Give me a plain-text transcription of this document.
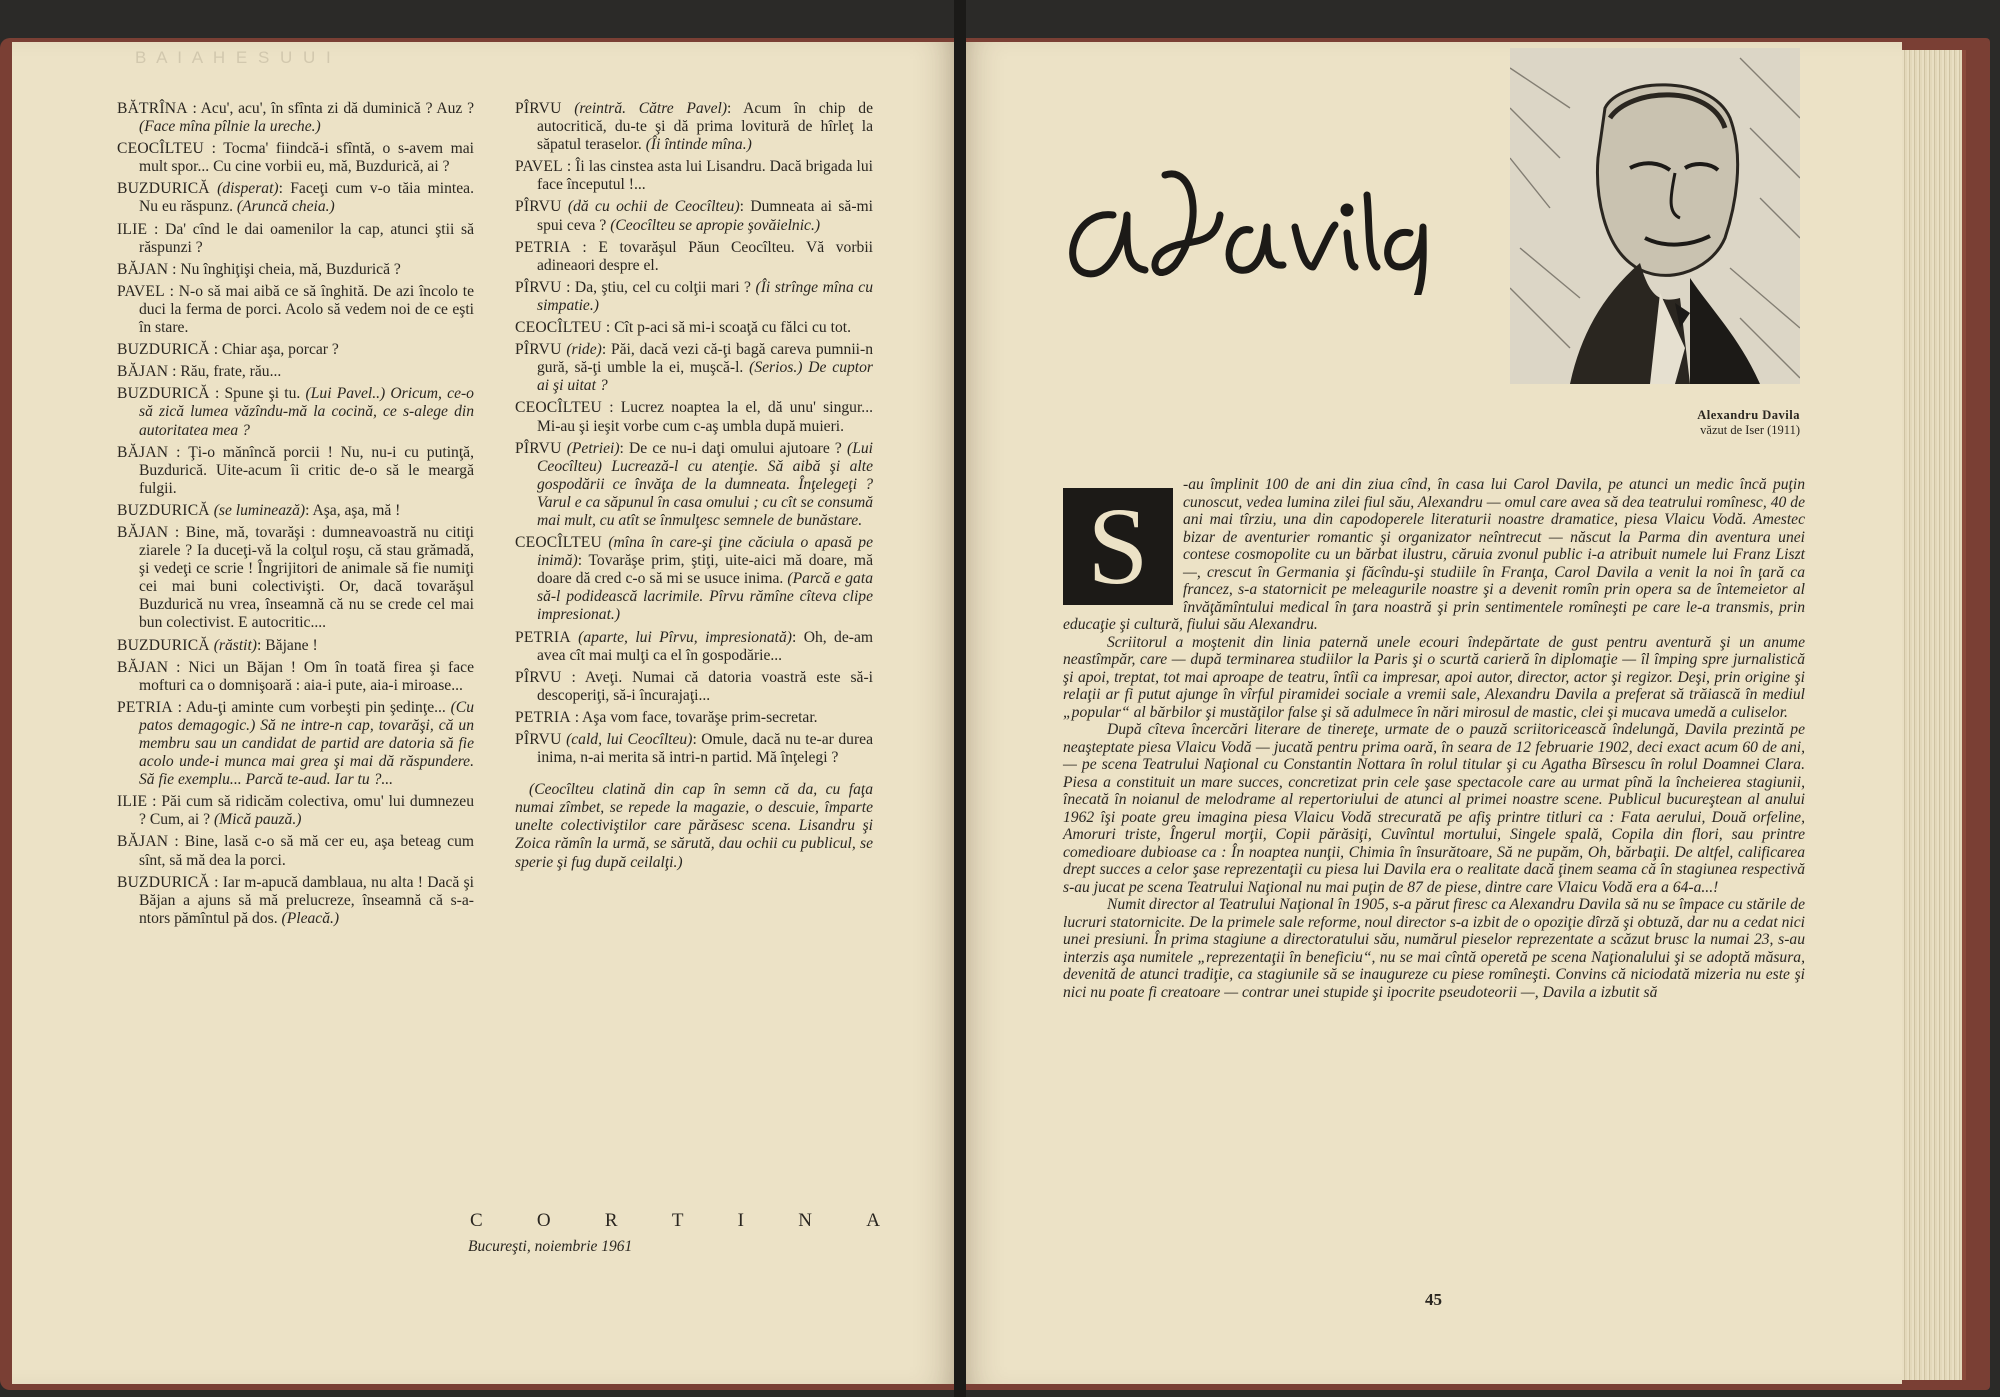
B A I A H E S U U I
BĂTRÎNA : Acu', acu', în sfînta zi dă duminică ? Auz ? (Face mîna pîlnie la ureche.)
CEOCÎLTEU : Tocma' fiindcă-i sfîntă, o s-avem mai mult spor... Cu cine vorbii eu, mă, Buzdurică, ai ?
BUZDURICĂ (disperat): Faceţi cum v-o tăia mintea. Nu eu răspunz. (Aruncă cheia.)
ILIE : Da' cînd le dai oamenilor la cap, atunci ştii să răspunzi ?
BĂJAN : Nu înghiţişi cheia, mă, Buzdurică ?
PAVEL : N-o să mai aibă ce să înghită. De azi încolo te duci la ferma de porci. Acolo să vedem noi de ce eşti în stare.
BUZDURICĂ : Chiar aşa, porcar ?
BĂJAN : Rău, frate, rău...
BUZDURICĂ : Spune şi tu. (Lui Pavel..) Oricum, ce-o să zică lumea văzîndu-mă la cocină, ce s-alege din autoritatea mea ?
BĂJAN : Ţi-o mănîncă porcii ! Nu, nu-i cu putinţă, Buzdurică. Uite-acum îi critic de-o să le meargă fulgii.
BUZDURICĂ (se luminează): Aşa, aşa, mă !
BĂJAN : Bine, mă, tovarăşi : dumneavoastră nu citiţi ziarele ? Ia duceţi-vă la colţul roşu, că stau grămadă, şi vedeţi ce scrie ! Îngrijitori de animale să fie numiţi cei mai buni colectivişti. Or, dacă tovarăşul Buzdurică nu vrea, înseamnă că nu se crede cel mai bun colectivist. E autocritic....
BUZDURICĂ (răstit): Băjane !
BĂJAN : Nici un Băjan ! Om în toată firea şi face mofturi ca o domnişoară : aia-i pute, aia-i miroase...
PETRIA : Adu-ţi aminte cum vorbeşti pin şedinţe... (Cu patos demagogic.) Să ne intre-n cap, tovarăşi, că un membru sau un candidat de partid are datoria să fie acolo unde-i munca mai grea şi mai dă răspundere. Să fie exemplu... Parcă te-aud. Iar tu ?...
ILIE : Păi cum să ridicăm colectiva, omu' lui dumnezeu ? Cum, ai ? (Mică pauză.)
BĂJAN : Bine, lasă c-o să mă cer eu, aşa beteag cum sînt, să mă dea la porci.
BUZDURICĂ : Iar m-apucă damblaua, nu alta ! Dacă şi Băjan a ajuns să mă prelucreze, înseamnă că s-a-ntors pămîntul pă dos. (Pleacă.)
PÎRVU (reintră. Către Pavel): Acum în chip de autocritică, du-te şi dă prima lovitură de hîrleţ la săpatul teraselor. (Îi întinde mîna.)
PAVEL : Îi las cinstea asta lui Lisandru. Dacă brigada lui face începutul !...
PÎRVU (dă cu ochii de Ceocîlteu): Dumneata ai să-mi spui ceva ? (Ceocîlteu se apropie şovăielnic.)
PETRIA : E tovarăşul Păun Ceocîlteu. Vă vorbii adineaori despre el.
PÎRVU : Da, ştiu, cel cu colţii mari ? (Îi strînge mîna cu simpatie.)
CEOCÎLTEU : Cît p-aci să mi-i scoaţă cu fălci cu tot.
PÎRVU (ride): Păi, dacă vezi că-ţi bagă careva pumnii-n gură, să-ţi umble la ei, muşcă-l. (Serios.) De cuptor ai şi uitat ?
CEOCÎLTEU : Lucrez noaptea la el, dă unu' singur... Mi-au şi ieşit vorbe cum c-aş umbla după muieri.
PÎRVU (Petriei): De ce nu-i daţi omului ajutoare ? (Lui Ceocîlteu) Lucrează-l cu atenţie. Să aibă şi alte gospodării ce învăţa de la dumneata. Înţelegeţi ? Varul e ca săpunul în casa omului ; cu cît se consumă mai mult, cu atît se înmulţesc semnele de bunăstare.
CEOCÎLTEU (mîna în care-şi ţine căciula o apasă pe inimă): Tovarăşe prim, ştiţi, uite-aici mă doare, mă doare dă cred c-o să mi se usuce inima. (Parcă e gata să-l podidească lacrimile. Pîrvu rămîne cîteva clipe impresionat.)
PETRIA (aparte, lui Pîrvu, impresionată): Oh, de-am avea cît mai mulţi ca el în gospodărie...
PÎRVU : Aveţi. Numai că datoria voastră este să-i descoperiţi, să-i încurajaţi...
PETRIA : Aşa vom face, tovarăşe prim-secretar.
PÎRVU (cald, lui Ceocîlteu): Omule, dacă nu te-ar durea inima, n-ai merita să intri-n partid. Mă înţelegi ?
(Ceocîlteu clatină din cap în semn că da, cu faţa numai zîmbet, se repede la magazie, o descuie, împarte unelte colectiviştilor care părăsesc scena. Lisandru şi Zoica rămîn la urmă, se sărută, dau ochii cu publicul, se sperie şi fug după ceilalţi.)
C	O	R	T	I	N	A
Bucureşti, noiembrie 1961
Alexandru Davila
văzut de Iser (1911)
S

-au împlinit 100 de ani din ziua cînd, în casa lui Carol Davila, pe atunci un medic încă puţin cunoscut, vedea lumina zilei fiul său, Alexandru — omul care avea să dea teatrului romînesc, 40 de ani mai tîrziu, una din capodoperele literaturii noastre dramatice, piesa Vlaicu Vodă. Amestec bizar de aventurier romantic şi organizator neîntrecut — născut la Parma din aventura unei contese cosmopolite cu un bărbat ilustru, căruia zvonul public i-a atribuit numele lui Franz Liszt —, crescut în Germania şi făcîndu-şi studiile în Franţa, Carol Davila a venit la noi în ţară ca francez, s-a statornicit pe meleagurile noastre şi a devenit romîn prin opera sa de întemeietor al învăţămîntului medical în ţara noastră şi prin sentimentele romîneşti pe care le-a transmis, prin educaţie şi cultură, fiului său Alexandru.

Scriitorul a moştenit din linia paternă unele ecouri îndepărtate de gust pentru aventură şi un anume neastîmpăr, care — după terminarea studiilor la Paris şi o scurtă carieră în diplomaţie — îl împing spre jurnalistică şi apoi, treptat, tot mai aproape de teatru, întîi ca impresar, apoi autor, director, actor şi regizor. Deşi, prin origine şi relaţii ar fi putut ajunge în vîrful piramidei sociale a vremii sale, Alexandru Davila a preferat să trăiască în mediul „popular“ al bărbilor şi mustăţilor false şi să adulmece în nări mirosul de mastic, clei şi mucava umedă a culiselor.

După cîteva încercări literare de tinereţe, urmate de o pauză scriitoricească îndelungă, Davila prezintă pe neaşteptate piesa Vlaicu Vodă — jucată pentru prima oară, în seara de 12 februarie 1902, deci exact acum 60 de ani, — pe scena Teatrului Naţional cu Constantin Nottara în rolul titular şi cu Agatha Bîrsescu în rolul Doamnei Clara. Piesa a constituit un mare succes, concretizat prin cele şase spectacole care au urmat pînă la încheierea stagiunii, înecată în noianul de melodrame al repertoriului de atunci al primei noastre scene. Publicul bucureştean al anului 1962 îşi poate greu imagina piesa Vlaicu Vodă strecurată pe afiş printre titluri ca : Fata aerului, Două orfeline, Amoruri triste, Îngerul morţii, Copii părăsiţi, Cuvîntul mortului, Singele spală, Copila din flori, sau printre comedioare dubioase ca : În noaptea nunţii, Chimia în însurătoare, Să ne pupăm, Oh, bărbaţii. De altfel, calificarea drept succes a celor şase reprezentaţii cu piesa lui Davila era o realitate dacă ţinem seama că în stagiunea respectivă s-au jucat pe scena Teatrului Naţional nu mai puţin de 87 de piese, dintre care Vlaicu Vodă era a 64-a...!

Numit director al Teatrului Naţional în 1905, s-a părut firesc ca Alexandru Davila să nu se împace cu stările de lucruri statornicite. De la primele sale reforme, noul director s-a izbit de o opoziţie dîrză şi obtuză, dar nu a cedat nici unei presiuni. În prima stagiune a directoratului său, numărul pieselor reprezentate a scăzut brusc la numai 23, s-au interzis aşa numitele „reprezentaţii în beneficiu“, nu se mai cîntă operetă pe scena Naţionalului şi se adoptă măsura, devenită de atunci tradiţie, ca stagiunile să se inaugureze cu piese romîneşti. Convins că niciodată mizeria nu este şi nici nu poate fi creatoare — contrar unei stupide şi ipocrite pseudoteorii —, Davila a izbutit să

45
